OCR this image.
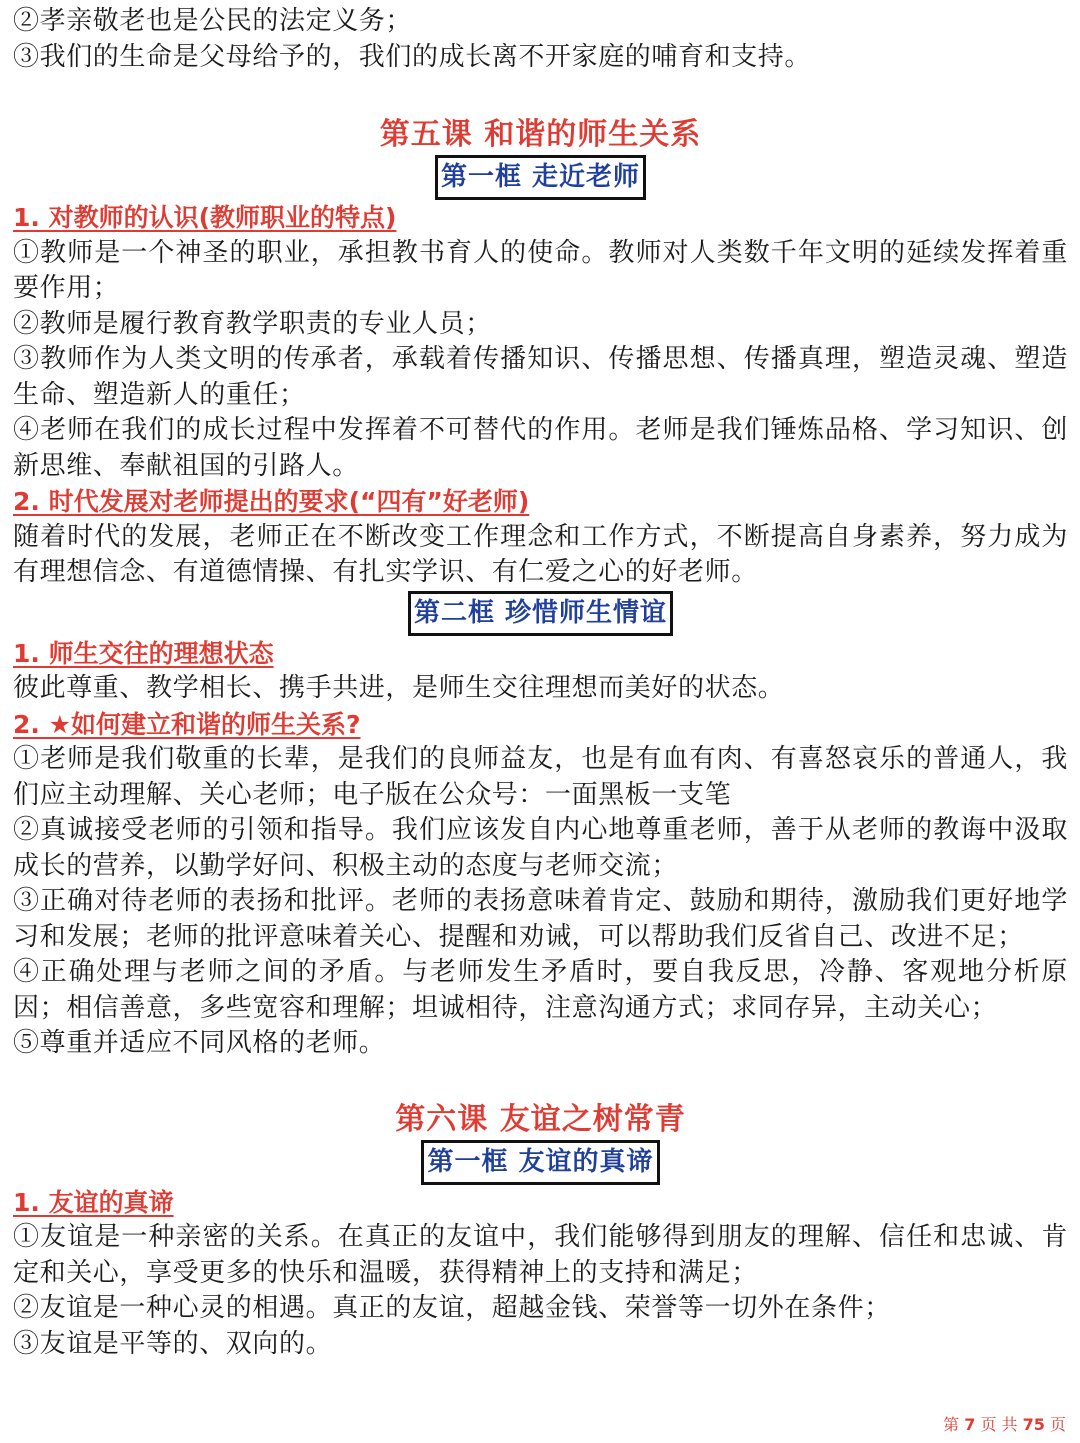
②孝亲敬老也是公民的法定义务；

③我们的生命是父母给予的，我们的成长离不开家庭的哺育和支持。

第五课 和谐的师生关系
第一框 走近老师

1. 对教师的认识(教师职业的特点)

①教师是一个神圣的职业，承担教书育人的使命。教师对人类数千年文明的延续发挥着重要作用；

②教师是履行教育教学职责的专业人员；

③教师作为人类文明的传承者，承载着传播知识、传播思想、传播真理，塑造灵魂、塑造生命、塑造新人的重任；

④老师在我们的成长过程中发挥着不可替代的作用。老师是我们锤炼品格、学习知识、创新思维、奉献祖国的引路人。

2. 时代发展对老师提出的要求(“四有”好老师)

随着时代的发展，老师正在不断改变工作理念和工作方式，不断提高自身素养，努力成为有理想信念、有道德情操、有扎实学识、有仁爱之心的好老师。

第二框 珍惜师生情谊

1. 师生交往的理想状态

彼此尊重、教学相长、携手共进，是师生交往理想而美好的状态。

2. ★如何建立和谐的师生关系?

①老师是我们敬重的长辈，是我们的良师益友，也是有血有肉、有喜怒哀乐的普通人，我们应主动理解、关心老师；电子版在公众号：一面黑板一支笔

②真诚接受老师的引领和指导。我们应该发自内心地尊重老师，善于从老师的教诲中汲取成长的营养，以勤学好问、积极主动的态度与老师交流；

③正确对待老师的表扬和批评。老师的表扬意味着肯定、鼓励和期待，激励我们更好地学习和发展；老师的批评意味着关心、提醒和劝诫，可以帮助我们反省自己、改进不足；

④正确处理与老师之间的矛盾。与老师发生矛盾时，要自我反思，冷静、客观地分析原因；相信善意，多些宽容和理解；坦诚相待，注意沟通方式；求同存异，主动关心；

⑤尊重并适应不同风格的老师。

第六课 友谊之树常青
第一框 友谊的真谛

1. 友谊的真谛

①友谊是一种亲密的关系。在真正的友谊中，我们能够得到朋友的理解、信任和忠诚、肯定和关心，享受更多的快乐和温暖，获得精神上的支持和满足；

②友谊是一种心灵的相遇。真正的友谊，超越金钱、荣誉等一切外在条件；

③友谊是平等的、双向的。

第 7 页 共 75 页
